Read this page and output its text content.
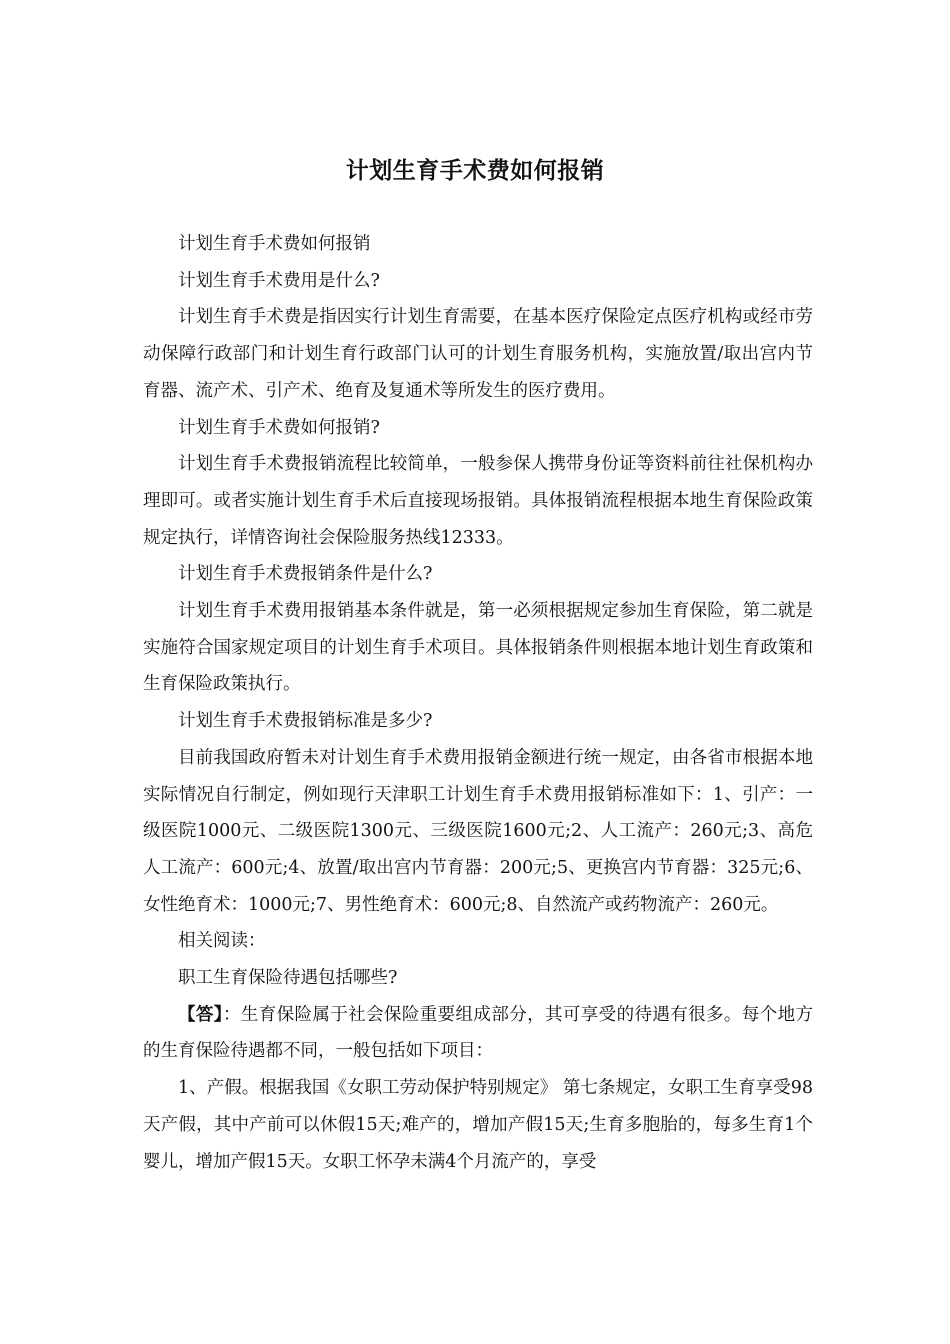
计划生育手术费如何报销

计划生育手术费如何报销

计划生育手术费用是什么?

计划生育手术费是指因实行计划生育需要，在基本医疗保险定点医疗机构或经市劳动保障行政部门和计划生育行政部门认可的计划生育服务机构，实施放置/取出宫内节育器、流产术、引产术、绝育及复通术等所发生的医疗费用。

计划生育手术费如何报销?

计划生育手术费报销流程比较简单，一般参保人携带身份证等资料前往社保机构办理即可。或者实施计划生育手术后直接现场报销。具体报销流程根据本地生育保险政策规定执行，详情咨询社会保险服务热线12333。

计划生育手术费报销条件是什么?

计划生育手术费用报销基本条件就是，第一必须根据规定参加生育保险，第二就是实施符合国家规定项目的计划生育手术项目。具体报销条件则根据本地计划生育政策和生育保险政策执行。

计划生育手术费报销标准是多少?

目前我国政府暂未对计划生育手术费用报销金额进行统一规定，由各省市根据本地实际情况自行制定，例如现行天津职工计划生育手术费用报销标准如下：1、引产：一级医院1000元、二级医院1300元、三级医院1600元;2、人工流产：260元;3、高危人工流产：600元;4、放置/取出宫内节育器：200元;5、更换宫内节育器：325元;6、女性绝育术：1000元;7、男性绝育术：600元;8、自然流产或药物流产：260元。

相关阅读：

职工生育保险待遇包括哪些?

【答】：生育保险属于社会保险重要组成部分，其可享受的待遇有很多。每个地方的生育保险待遇都不同，一般包括如下项目：

1、产假。根据我国《女职工劳动保护特别规定》 第七条规定，女职工生育享受98天产假，其中产前可以休假15天;难产的，增加产假15天;生育多胞胎的，每多生育1个婴儿，增加产假15天。女职工怀孕未满4个月流产的，享受
